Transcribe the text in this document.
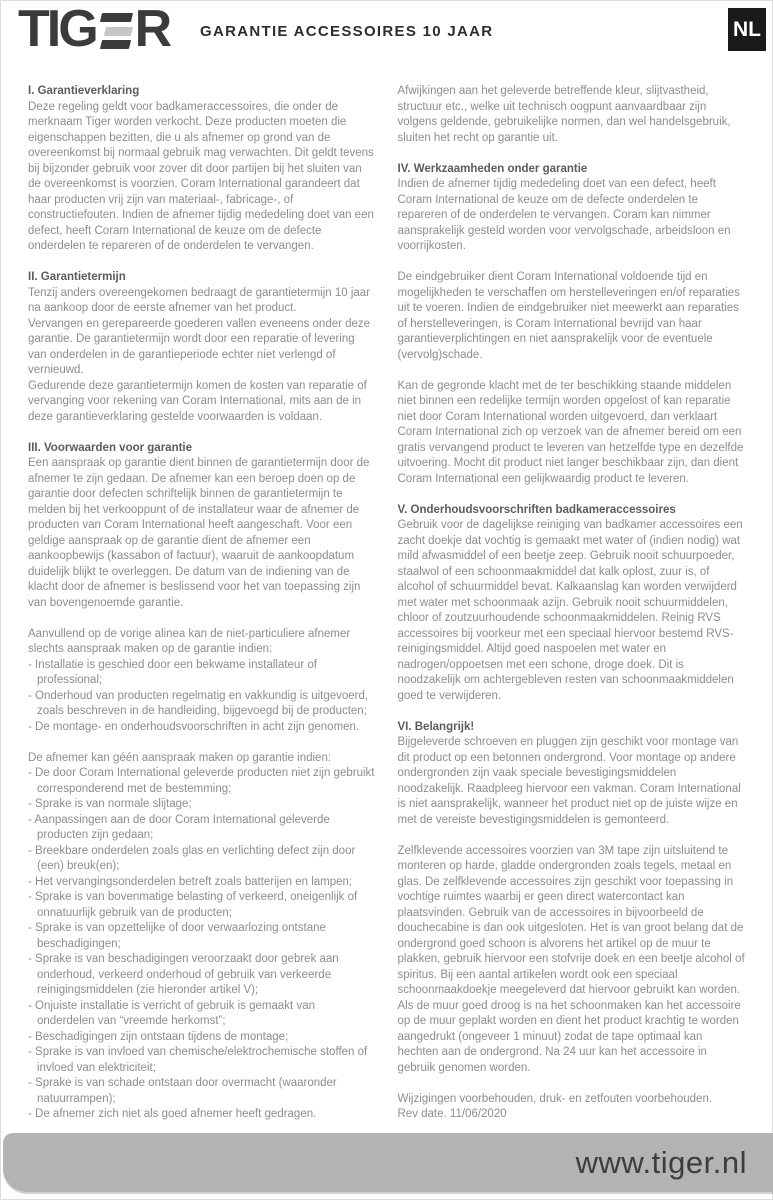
TIG R GARANTIE ACCESSOIRES 10 JAAR	NL
I. Garantieverklaring

Deze regeling geldt voor badkameraccessoires, die onder de merknaam Tiger worden verkocht. Deze producten moeten die eigenschappen bezitten, die u als afnemer op grond van de overeenkomst bij normaal gebruik mag verwachten. Dit geldt tevens bij bijzonder gebruik voor zover dit door partijen bij het sluiten van de overeenkomst is voorzien. Coram International garandeert dat haar producten vrij zijn van materiaal-, fabricage-, of constructiefouten. Indien de afnemer tijdig mededeling doet van een defect, heeft Coram International de keuze om de defecte onderdelen te repareren of de onderdelen te vervangen.

II. Garantietermijn

Tenzij anders overeengekomen bedraagt de garantietermijn 10 jaar na aankoop door de eerste afnemer van het product.
Vervangen en gerepareerde goederen vallen eveneens onder deze garantie. De garantietermijn wordt door een reparatie of levering van onderdelen in de garantieperiode echter niet verlengd of vernieuwd.
Gedurende deze garantietermijn komen de kosten van reparatie of vervanging voor rekening van Coram International, mits aan de in deze garantieverklaring gestelde voorwaarden is voldaan.

III. Voorwaarden voor garantie

Een aanspraak op garantie dient binnen de garantietermijn door de afnemer te zijn gedaan. De afnemer kan een beroep doen op de garantie door defecten schriftelijk binnen de garantietermijn te melden bij het verkooppunt of de installateur waar de afnemer de producten van Coram International heeft aangeschaft. Voor een geldige aanspraak op de garantie dient de afnemer een aankoopbewijs (kassabon of factuur), waaruit de aankoopdatum duidelijk blijkt te overleggen. De datum van de indiening van de klacht door de afnemer is beslissend voor het van toepassing zijn van bovengenoemde garantie.

Aanvullend op de vorige alinea kan de niet-particuliere afnemer slechts aanspraak maken op de garantie indien:

- Installatie is geschied door een bekwame installateur of professional;
- Onderhoud van producten regelmatig en vakkundig is uitgevoerd, zoals beschreven in de handleiding, bijgevoegd bij de producten;
- De montage- en onderhoudsvoorschriften in acht zijn genomen.

De afnemer kan géén aanspraak maken op garantie indien:

- De door Coram International geleverde producten niet zijn gebruikt corresponderend met de bestemming;
- Sprake is van normale slijtage;
- Aanpassingen aan de door Coram International geleverde producten zijn gedaan;
- Breekbare onderdelen zoals glas en verlichting defect zijn door (een) breuk(en);
- Het vervangingsonderdelen betreft zoals batterijen en lampen;
- Sprake is van bovenmatige belasting of verkeerd, oneigenlijk of onnatuurlijk gebruik van de producten;
- Sprake is van opzettelijke of door verwaarlozing ontstane beschadigingen;
- Sprake is van beschadigingen veroorzaakt door gebrek aan onderhoud, verkeerd onderhoud of gebruik van verkeerde reinigingsmiddelen (zie hieronder artikel V);
- Onjuiste installatie is verricht of gebruik is gemaakt van onderdelen van “vreemde herkomst”;
- Beschadigingen zijn ontstaan tijdens de montage;
- Sprake is van invloed van chemische/elektrochemische stoffen of invloed van elektriciteit;
- Sprake is van schade ontstaan door overmacht (waaronder natuurrampen);
- De afnemer zich niet als goed afnemer heeft gedragen.

Afwijkingen aan het geleverde betreffende kleur, slijtvastheid, structuur etc., welke uit technisch oogpunt aanvaardbaar zijn volgens geldende, gebruikelijke normen, dan wel handelsgebruik, sluiten het recht op garantie uit.

IV. Werkzaamheden onder garantie

Indien de afnemer tijdig mededeling doet van een defect, heeft Coram International de keuze om de defecte onderdelen te repareren of de onderdelen te vervangen. Coram kan nimmer aansprakelijk gesteld worden voor vervolgschade, arbeidsloon en voorrijkosten.

De eindgebruiker dient Coram International voldoende tijd en mogelijkheden te verschaffen om herstelleveringen en/of reparaties uit te voeren. Indien de eindgebruiker niet meewerkt aan reparaties of herstelleveringen, is Coram International bevrijd van haar garantieverplichtingen en niet aansprakelijk voor de eventuele (vervolg)schade.

Kan de gegronde klacht met de ter beschikking staande middelen niet binnen een redelijke termijn worden opgelost of kan reparatie niet door Coram International worden uitgevoerd, dan verklaart Coram International zich op verzoek van de afnemer bereid om een gratis vervangend product te leveren van hetzelfde type en dezelfde uitvoering. Mocht dit product niet langer beschikbaar zijn, dan dient Coram International een gelijkwaardig product te leveren.

V. Onderhoudsvoorschriften badkameraccessoires

Gebruik voor de dagelijkse reiniging van badkamer accessoires een zacht doekje dat vochtig is gemaakt met water of (indien nodig) wat mild afwasmiddel of een beetje zeep. Gebruik nooit schuurpoeder, staalwol of een schoonmaakmiddel dat kalk oplost, zuur is, of alcohol of schuurmiddel bevat. Kalkaanslag kan worden verwijderd met water met schoonmaak azijn. Gebruik nooit schuurmiddelen, chloor of zoutzuurhoudende schoonmaakmiddelen. Reinig RVS accessoires bij voorkeur met een speciaal hiervoor bestemd RVS-reinigingsmiddel. Altijd goed naspoelen met water en nadrogen/oppoetsen met een schone, droge doek. Dit is noodzakelijk om achtergebleven resten van schoonmaakmiddelen goed te verwijderen.

VI. Belangrijk!

Bijgeleverde schroeven en pluggen zijn geschikt voor montage van dit product op een betonnen ondergrond. Voor montage op andere ondergronden zijn vaak speciale bevestigingsmiddelen noodzakelijk. Raadpleeg hiervoor een vakman. Coram International is niet aansprakelijk, wanneer het product niet op de juiste wijze en met de vereiste bevestigingsmiddelen is gemonteerd.

Zelfklevende accessoires voorzien van 3M tape zijn uitsluitend te monteren op harde, gladde ondergronden zoals tegels, metaal en glas. De zelfklevende accessoires zijn geschikt voor toepassing in vochtige ruimtes waarbij er geen direct watercontact kan plaatsvinden. Gebruik van de accessoires in bijvoorbeeld de douchecabine is dan ook uitgesloten. Het is van groot belang dat de ondergrond goed schoon is alvorens het artikel op de muur te plakken, gebruik hiervoor een stofvrije doek en een beetje alcohol of spiritus. Bij een aantal artikelen wordt ook een speciaal schoonmaakdoekje meegeleverd dat hiervoor gebruikt kan worden. Als de muur goed droog is na het schoonmaken kan het accessoire op de muur geplakt worden en dient het product krachtig te worden aangedrukt (ongeveer 1 minuut) zodat de tape optimaal kan hechten aan de ondergrond. Na 24 uur kan het accessoire in gebruik genomen worden.

Wijzigingen voorbehouden, druk- en zetfouten voorbehouden.
Rev date. 11/06/2020

www.tiger.nl
